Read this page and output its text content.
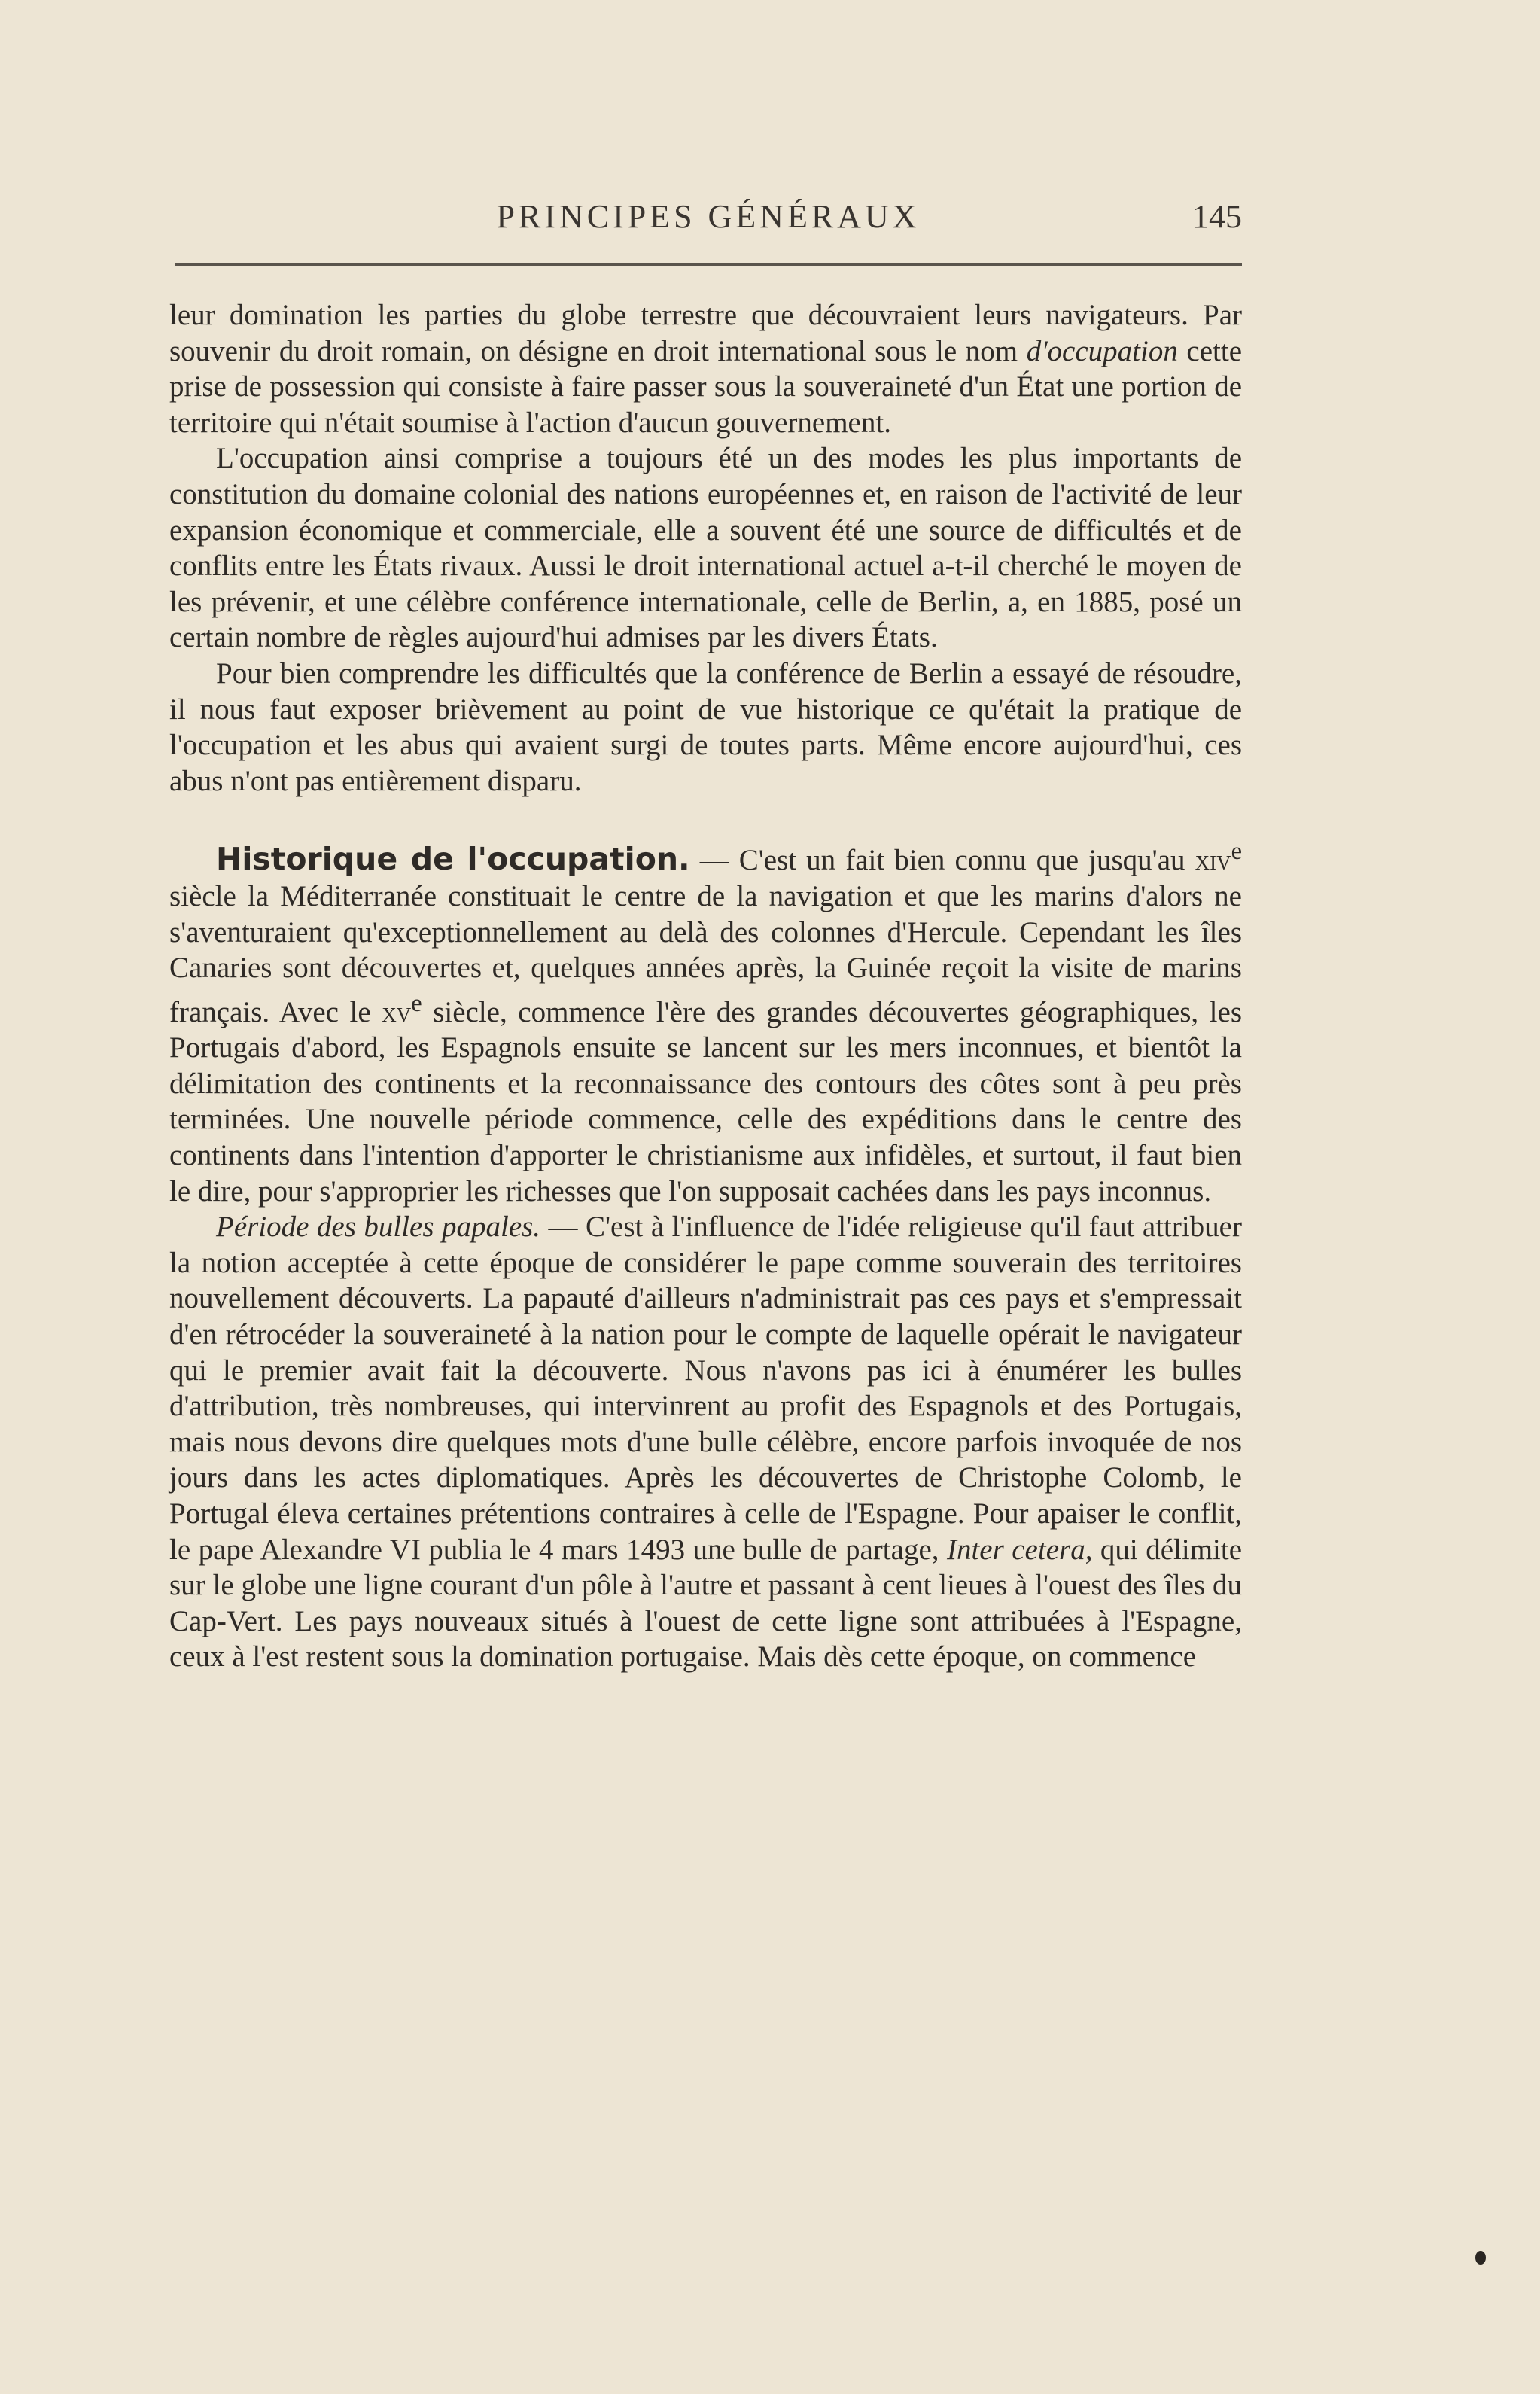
PRINCIPES GÉNÉRAUX	145

leur domination les parties du globe terrestre que découvraient leurs navigateurs. Par souvenir du droit romain, on désigne en droit international sous le nom d'occupation cette prise de possession qui consiste à faire passer sous la souveraineté d'un État une portion de territoire qui n'était soumise à l'action d'aucun gouvernement.

L'occupation ainsi comprise a toujours été un des modes les plus importants de constitution du domaine colonial des nations européennes et, en raison de l'activité de leur expansion économique et commerciale, elle a souvent été une source de difficultés et de conflits entre les États rivaux. Aussi le droit international actuel a-t-il cherché le moyen de les prévenir, et une célèbre conférence internationale, celle de Berlin, a, en 1885, posé un certain nombre de règles aujourd'hui admises par les divers États.

Pour bien comprendre les difficultés que la conférence de Berlin a essayé de résoudre, il nous faut exposer brièvement au point de vue historique ce qu'était la pratique de l'occupation et les abus qui avaient surgi de toutes parts. Même encore aujourd'hui, ces abus n'ont pas entièrement disparu.

Historique de l'occupation. — C'est un fait bien connu que jusqu'au xiv$^e$ siècle la Méditerranée constituait le centre de la navigation et que les marins d'alors ne s'aventuraient qu'exceptionnellement au delà des colonnes d'Hercule. Cependant les îles Canaries sont découvertes et, quelques années après, la Guinée reçoit la visite de marins français. Avec le $xv^e$ siècle, commence l'ère des grandes découvertes géographiques, les Portugais d'abord, les Espagnols ensuite se lancent sur les mers inconnues, et bientôt la délimitation des continents et la reconnaissance des contours des côtes sont à peu près terminées. Une nouvelle période commence, celle des expéditions dans le centre des continents dans l'intention d'apporter le christianisme aux infidèles, et surtout, il faut bien le dire, pour s'approprier les richesses que l'on supposait cachées dans les pays inconnus.

Période des bulles papales. — C'est à l'influence de l'idée religieuse qu'il faut attribuer la notion acceptée à cette époque de considérer le pape comme souverain des territoires nouvellement découverts. La papauté d'ailleurs n'administrait pas ces pays et s'empressait d'en rétrocéder la souveraineté à la nation pour le compte de laquelle opérait le navigateur qui le premier avait fait la découverte. Nous n'avons pas ici à énumérer les bulles d'attribution, très nombreuses, qui intervinrent au profit des Espagnols et des Portugais, mais nous devons dire quelques mots d'une bulle célèbre, encore parfois invoquée de nos jours dans les actes diplomatiques. Après les découvertes de Christophe Colomb, le Portugal éleva certaines prétentions contraires à celle de l'Espagne. Pour apaiser le conflit, le pape Alexandre VI publia le 4 mars 1493 une bulle de partage, Inter cetera, qui délimite sur le globe une ligne courant d'un pôle à l'autre et passant à cent lieues à l'ouest des îles du Cap-Vert. Les pays nouveaux situés à l'ouest de cette ligne sont attribuées à l'Espagne, ceux à l'est restent sous la domination portugaise. Mais dès cette époque, on commence
